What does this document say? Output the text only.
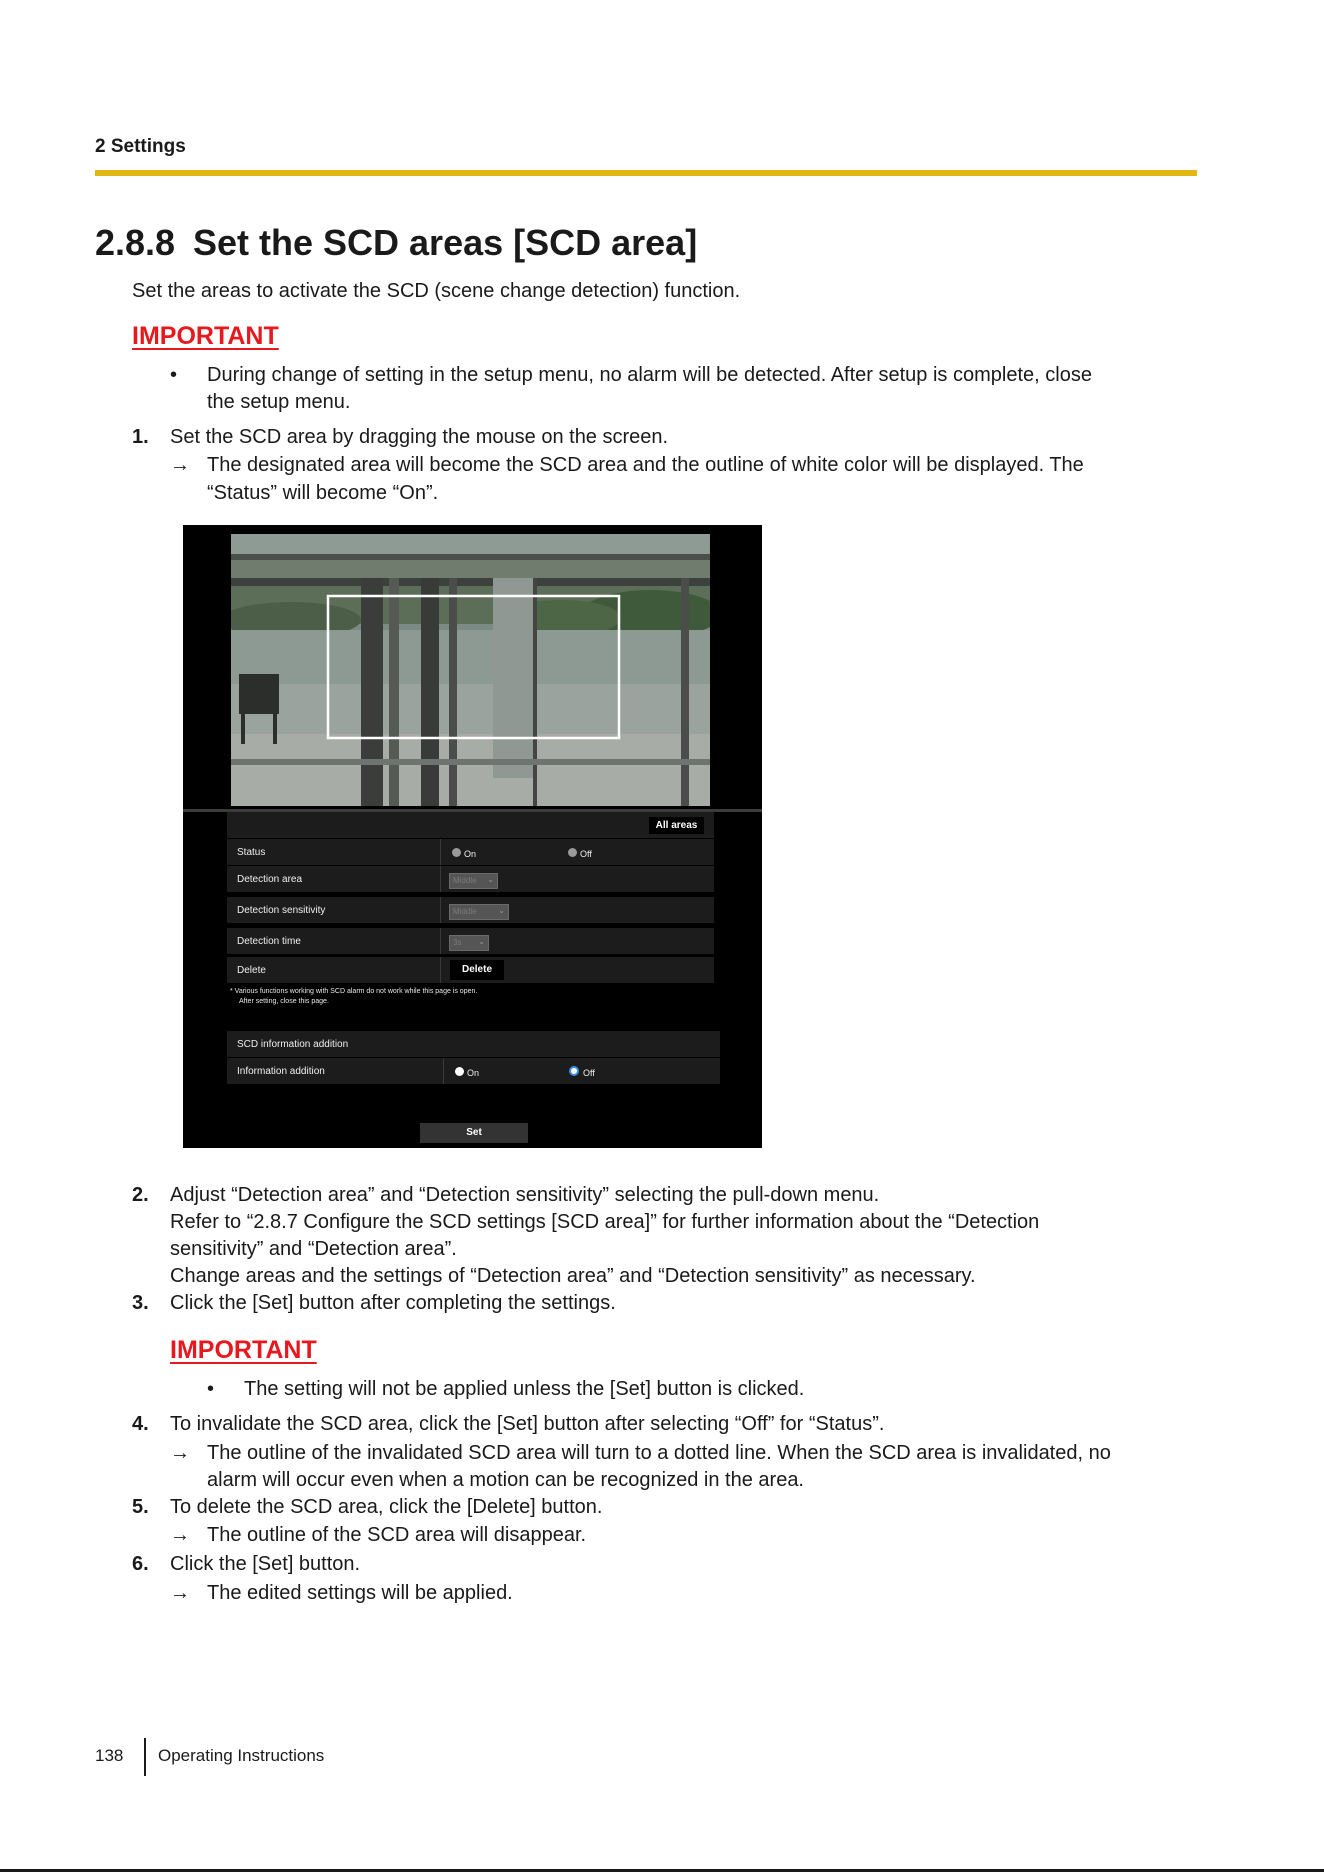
2 Settings
2.8.8 Set the SCD areas [SCD area]
Set the areas to activate the SCD (scene change detection) function.
IMPORTANT
• During change of setting in the setup menu, no alarm will be detected. After setup is complete, close
the setup menu.
1. Set the SCD area by dragging the mouse on the screen.
→ The designated area will become the SCD area and the outline of white color will be displayed. The
“Status” will become “On”.
All areas
Status	On	Off
Detection area	Middle ⌄
Detection sensitivity	Middle	⌄
Detection time	3s ⌄
Delete	Delete
* Various functions working with SCD alarm do not work while this page is open.
After setting, close this page.
SCD information addition
Information addition	On	Off
Set
2. Adjust “Detection area” and “Detection sensitivity” selecting the pull-down menu.
Refer to “2.8.7 Configure the SCD settings [SCD area]” for further information about the “Detection
sensitivity” and “Detection area”.
Change areas and the settings of “Detection area” and “Detection sensitivity” as necessary.
3. Click the [Set] button after completing the settings.
IMPORTANT
• The setting will not be applied unless the [Set] button is clicked.
4. To invalidate the SCD area, click the [Set] button after selecting “Off” for “Status”.
→ The outline of the invalidated SCD area will turn to a dotted line. When the SCD area is invalidated, no
alarm will occur even when a motion can be recognized in the area.
5. To delete the SCD area, click the [Delete] button.
→ The outline of the SCD area will disappear.
6. Click the [Set] button.
→ The edited settings will be applied.
138 Operating Instructions
